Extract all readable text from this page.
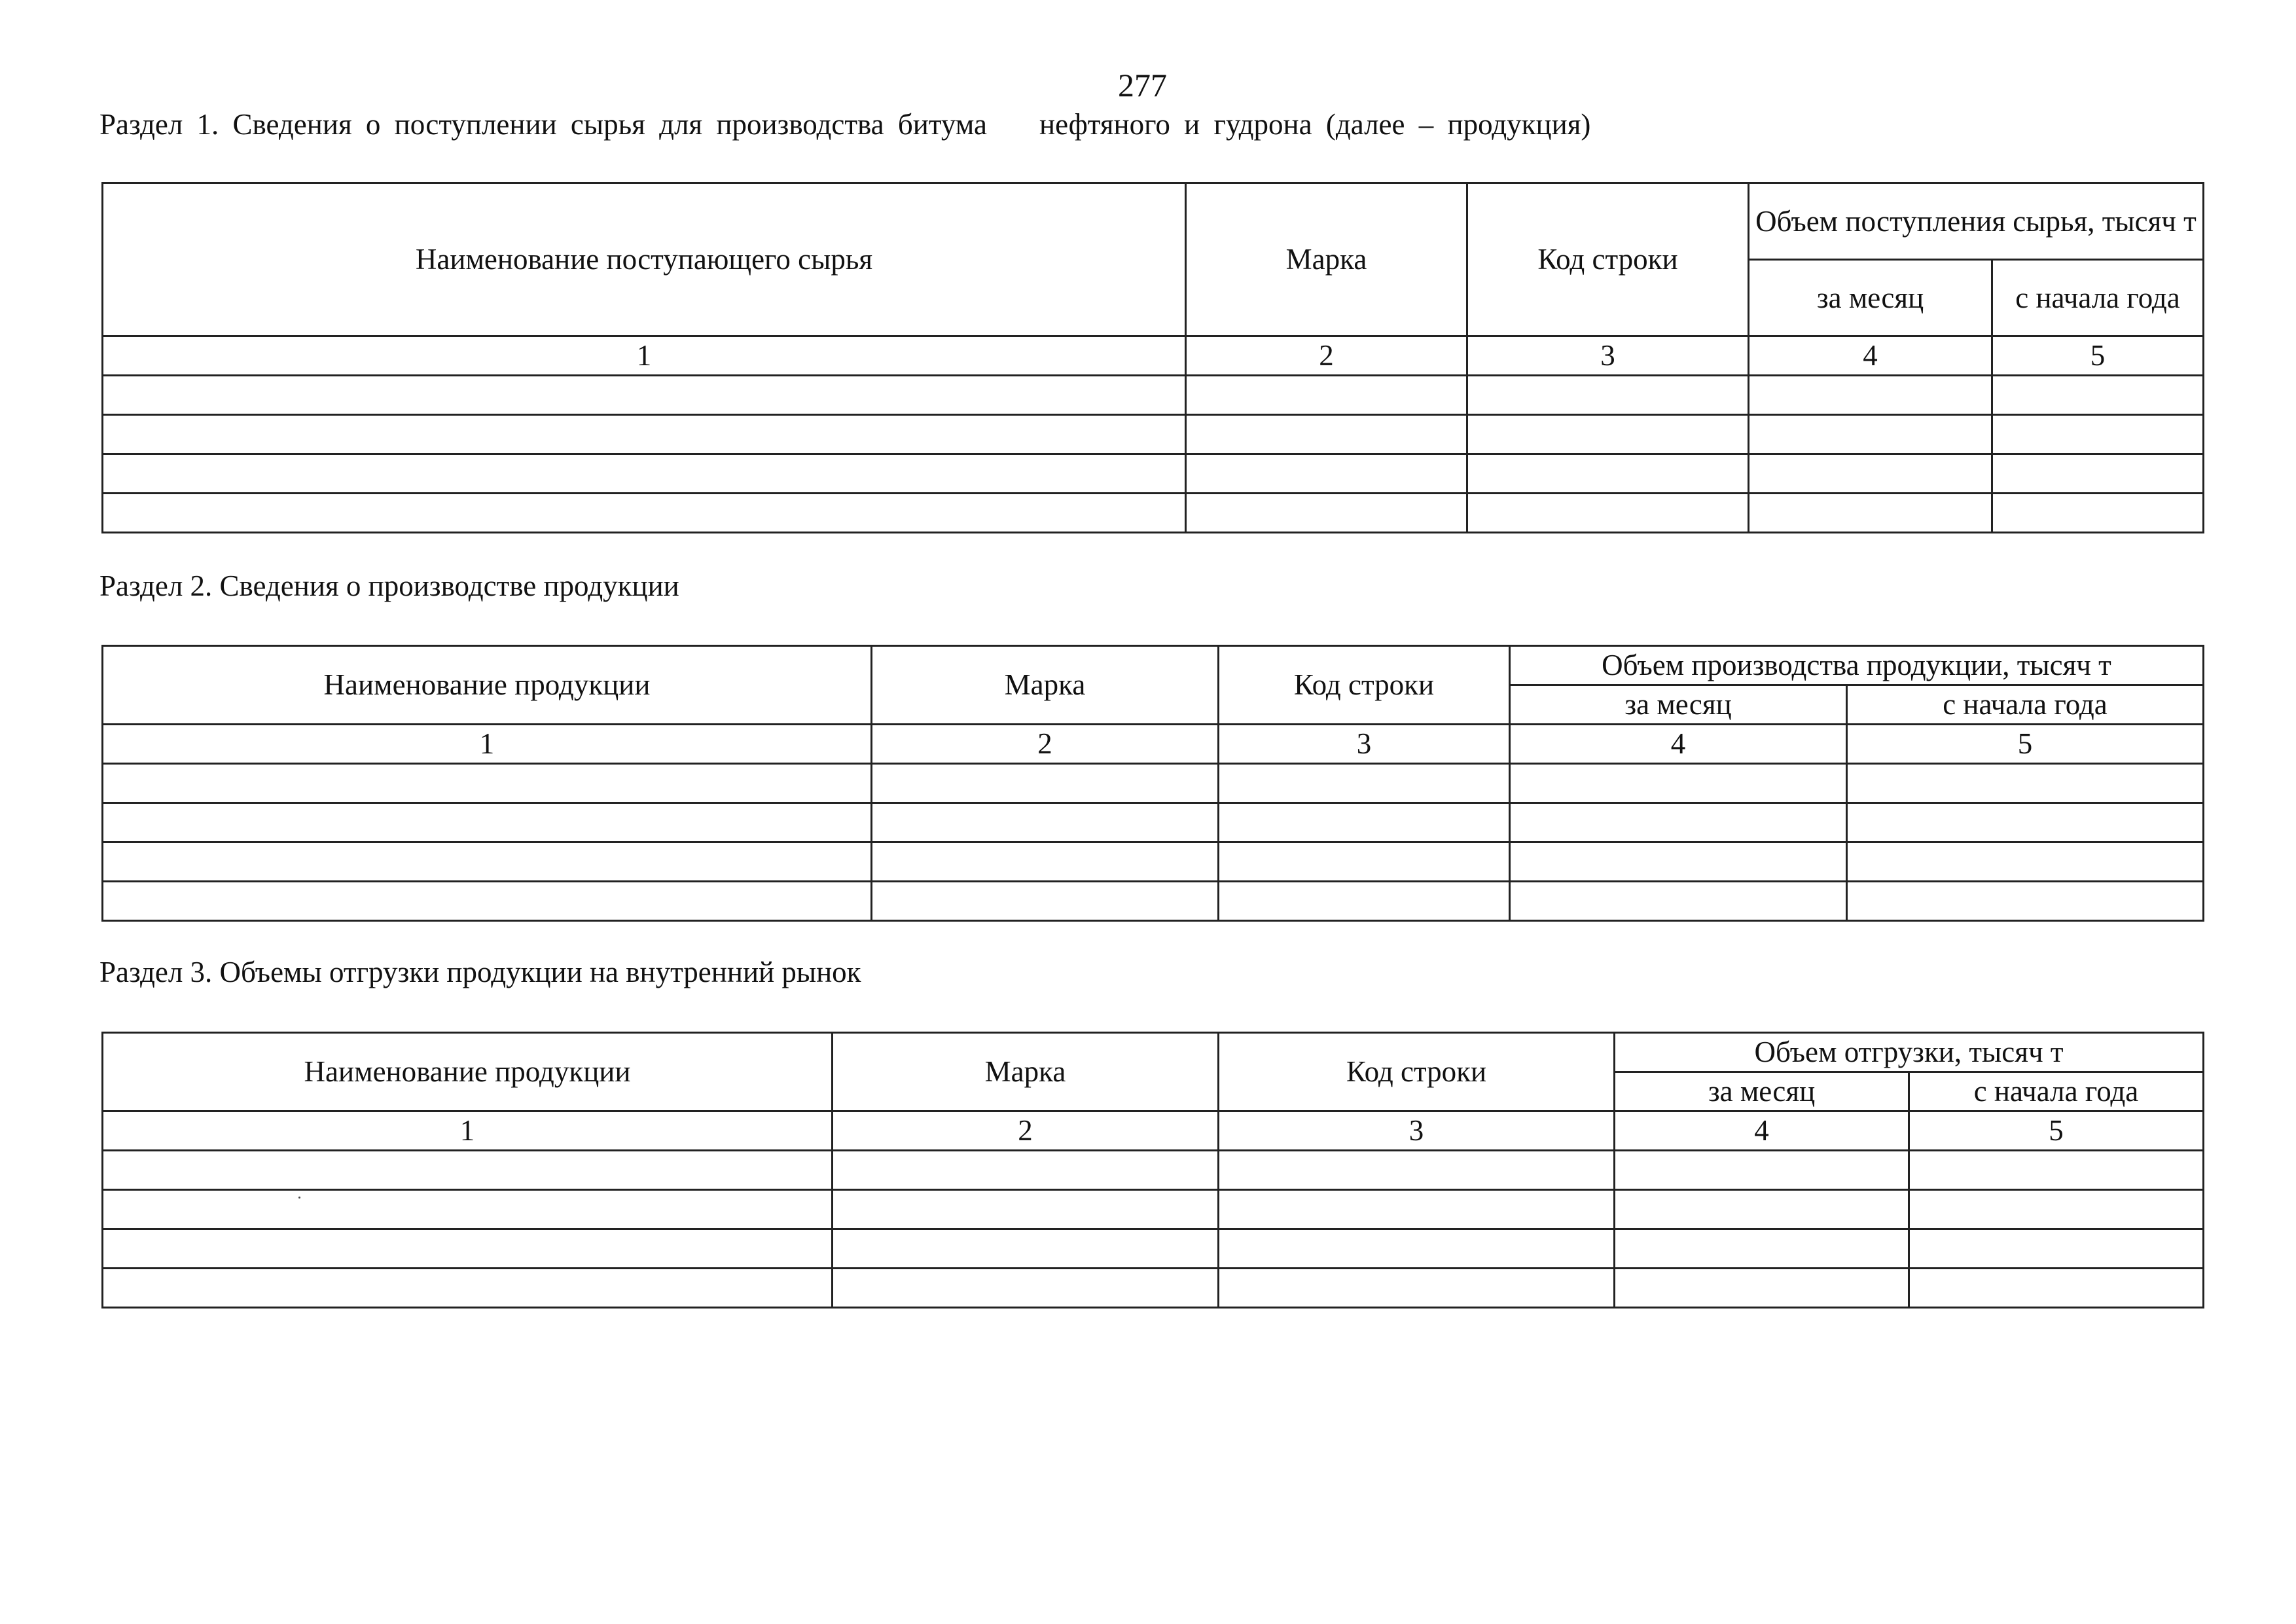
277
Раздел 1. Сведения о поступлении сырья для производства битума нефтяного и гудрона (далее – продукция)
Наименование поступающего сырья	Марка	Код строки	Объем поступления сырья, тысяч т	
			за месяц	с начала года
1	2	3	4	5

Раздел 2. Сведения о производстве продукции
Наименование продукции	Марка	Код строки	Объем производства продукции, тысяч т	
			за месяц	с начала года
1	2	3	4	5

Раздел 3. Объемы отгрузки продукции на внутренний рынок
Наименование продукции	Марка	Код строки	Объем отгрузки, тысяч т	
			за месяц	с начала года
1	2	3	4	5
